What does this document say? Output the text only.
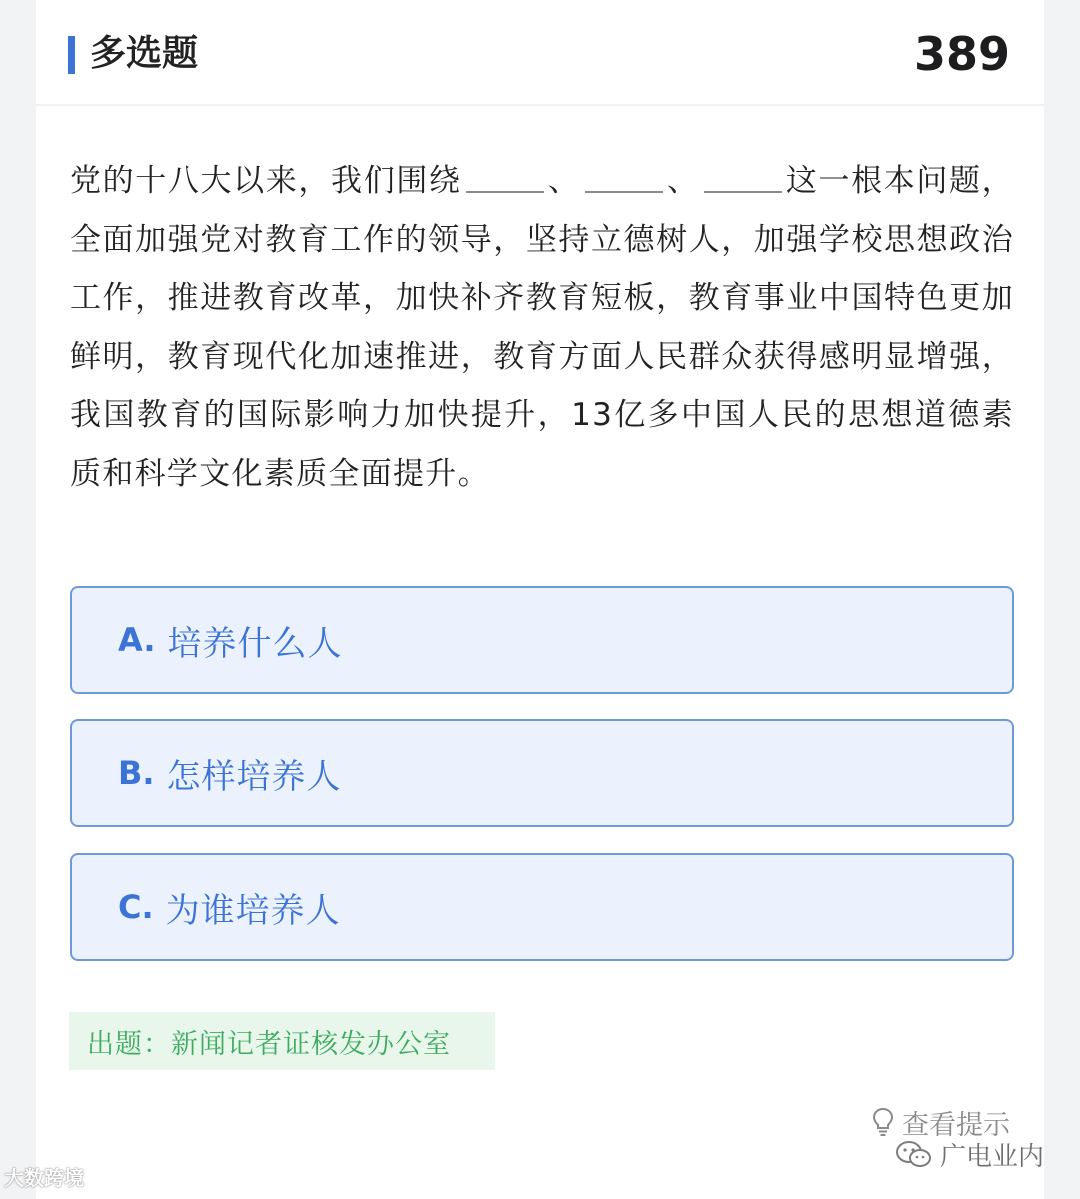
多选题	389
党的十八大以来，我们围绕	、	、	这一根本问题，全面加强党对教育工作的领导，坚持立德树人，加强学校思想政治工作，推进教育改革，加快补齐教育短板，教育事业中国特色更加鲜明，教育现代化加速推进，教育方面人民群众获得感明显增强，我国教育的国际影响力加快提升，13亿多中国人民的思想道德素质和科学文化素质全面提升。
A. 培养什么人
B. 怎样培养人
C. 为谁培养人
出题：新闻记者证核发办公室
查看提示
广电业内
大数跨境
